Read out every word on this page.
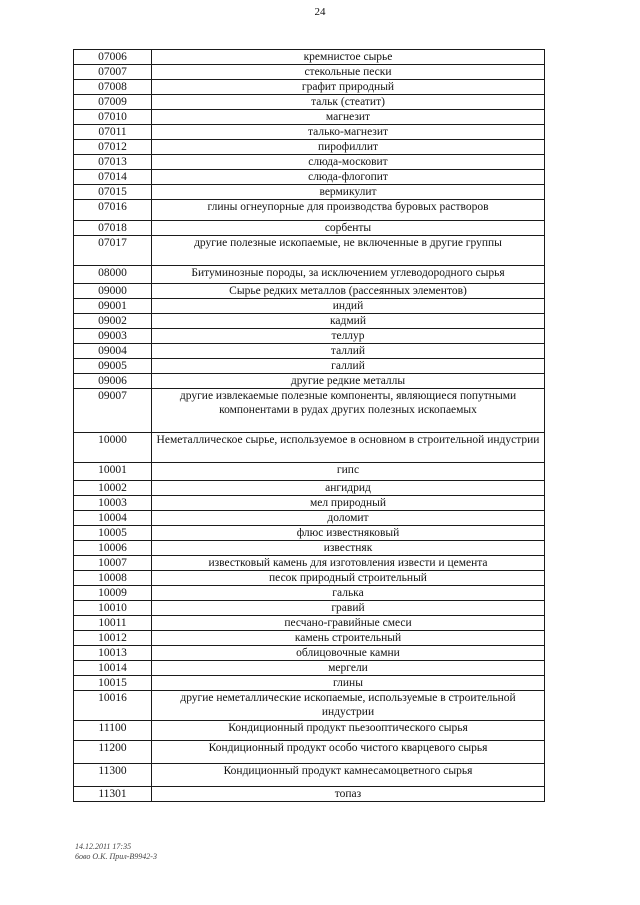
24
07006	кремнистое сырье
07007	стекольные пески
07008	графит природный
07009	тальк (стеатит)
07010	магнезит
07011	талько-магнезит
07012	пирофиллит
07013	слюда-московит
07014	слюда-флогопит
07015	вермикулит
07016	глины огнеупорные для производства буровых растворов
07018	сорбенты
07017	другие полезные ископаемые, не включенные в другие группы
08000	Битуминозные породы, за исключением углеводородного сырья
09000	Сырье редких металлов (рассеянных элементов)
09001	индий
09002	кадмий
09003	теллур
09004	таллий
09005	галлий
09006	другие редкие металлы
09007	другие извлекаемые полезные компоненты, являющиеся попутными компонентами в рудах других полезных ископаемых
10000	Неметаллическое сырье, используемое в основном в строительной индустрии
10001	гипс
10002	ангидрид
10003	мел природный
10004	доломит
10005	флюс известняковый
10006	известняк
10007	известковый камень для изготовления извести и цемента
10008	песок природный строительный
10009	галька
10010	гравий
10011	песчано-гравийные смеси
10012	камень строительный
10013	облицовочные камни
10014	мергели
10015	глины
10016	другие неметаллические ископаемые, используемые в строительной индустрии
11100	Кондиционный продукт пьезооптического сырья
11200	Кондиционный продукт особо чистого кварцевого сырья
11300	Кондиционный продукт камнесамоцветного сырья
11301	топаз
14.12.2011 17:35
6ово О.К. Прил-В9942-3
